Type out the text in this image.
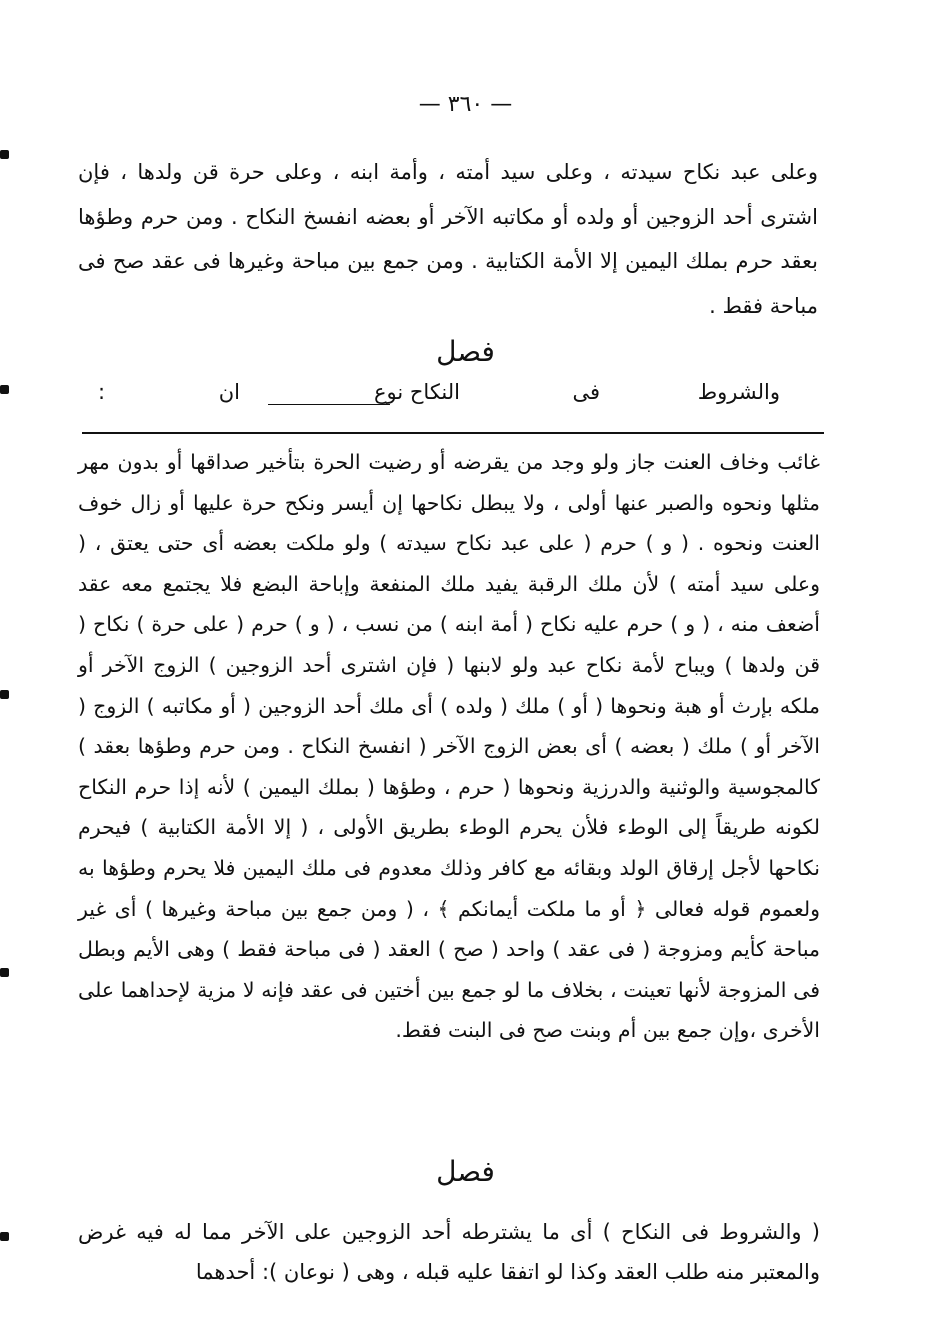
— ٣٦٠ —
وعلى عبد نكاح سيدته ، وعلى سيد أمته ، وأمة ابنه ، وعلى حرة قن ولدها ، فإن اشترى أحد الزوجين أو ولده أو مكاتبه الآخر أو بعضه انفسخ النكاح . ومن حرم وطؤها بعقد حرم بملك اليمين إلا الأمة الكتابية . ومن جمع بين مباحة وغيرها فى عقد صح فى مباحة فقط .
فصل
والشروط
فى
النكاح نوع
ان
:
غائب وخاف العنت جاز ولو وجد من يقرضه أو رضيت الحرة بتأخير صداقها أو بدون مهر مثلها ونحوه والصبر عنها أولى ، ولا يبطل نكاحها إن أيسر ونكح حرة عليها أو زال خوف العنت ونحوه . ( و ) حرم ( على عبد نكاح سيدته ) ولو ملكت بعضه أى حتى يعتق ، ( وعلى سيد أمته ) لأن ملك الرقبة يفيد ملك المنفعة وإباحة البضع فلا يجتمع معه عقد أضعف منه ، ( و ) حرم عليه نكاح ( أمة ابنه ) من نسب ، ( و ) حرم ( على حرة ) نكاح ( قن ولدها ) ويباح لأمة نكاح عبد ولو لابنها ( فإن اشترى أحد الزوجين ) الزوج الآخر أو ملكه بإرث أو هبة ونحوها ( أو ) ملك ( ولده ) أى ملك أحد الزوجين ( أو مكاتبه ) الزوج ( الآخر أو ) ملك ( بعضه ) أى بعض الزوج الآخر ( انفسخ النكاح . ومن حرم وطؤها بعقد ) كالمجوسية والوثنية والدرزية ونحوها ( حرم ، وطؤها ( بملك اليمين ) لأنه إذا حرم النكاح لكونه طريقاً إلى الوطء فلأن يحرم الوطء بطريق الأولى ، ( إلا الأمة الكتابية ) فيحرم نكاحها لأجل إرقاق الولد وبقائه مع كافر وذلك معدوم فى ملك اليمين فلا يحرم وطؤها به ولعموم قوله فعالى ﴿ أو ما ملكت أيمانكم ﴾ ، ( ومن جمع بين مباحة وغيرها ) أى غير مباحة كأيم ومزوجة ( فى عقد ) واحد ( صح ) العقد ( فى مباحة فقط ) وهى الأيم وبطل فى المزوجة لأنها تعينت ، بخلاف ما لو جمع بين أختين فى عقد فإنه لا مزية لإحداهما على الأخرى ،وإن جمع بين أم وبنت صح فى البنت فقط.
فصل
( والشروط فى النكاح ) أى ما يشترطه أحد الزوجين على الآخر مما له فيه غرض والمعتبر منه طلب العقد وكذا لو اتفقا عليه قبله ، وهى ( نوعان ): أحدهما
